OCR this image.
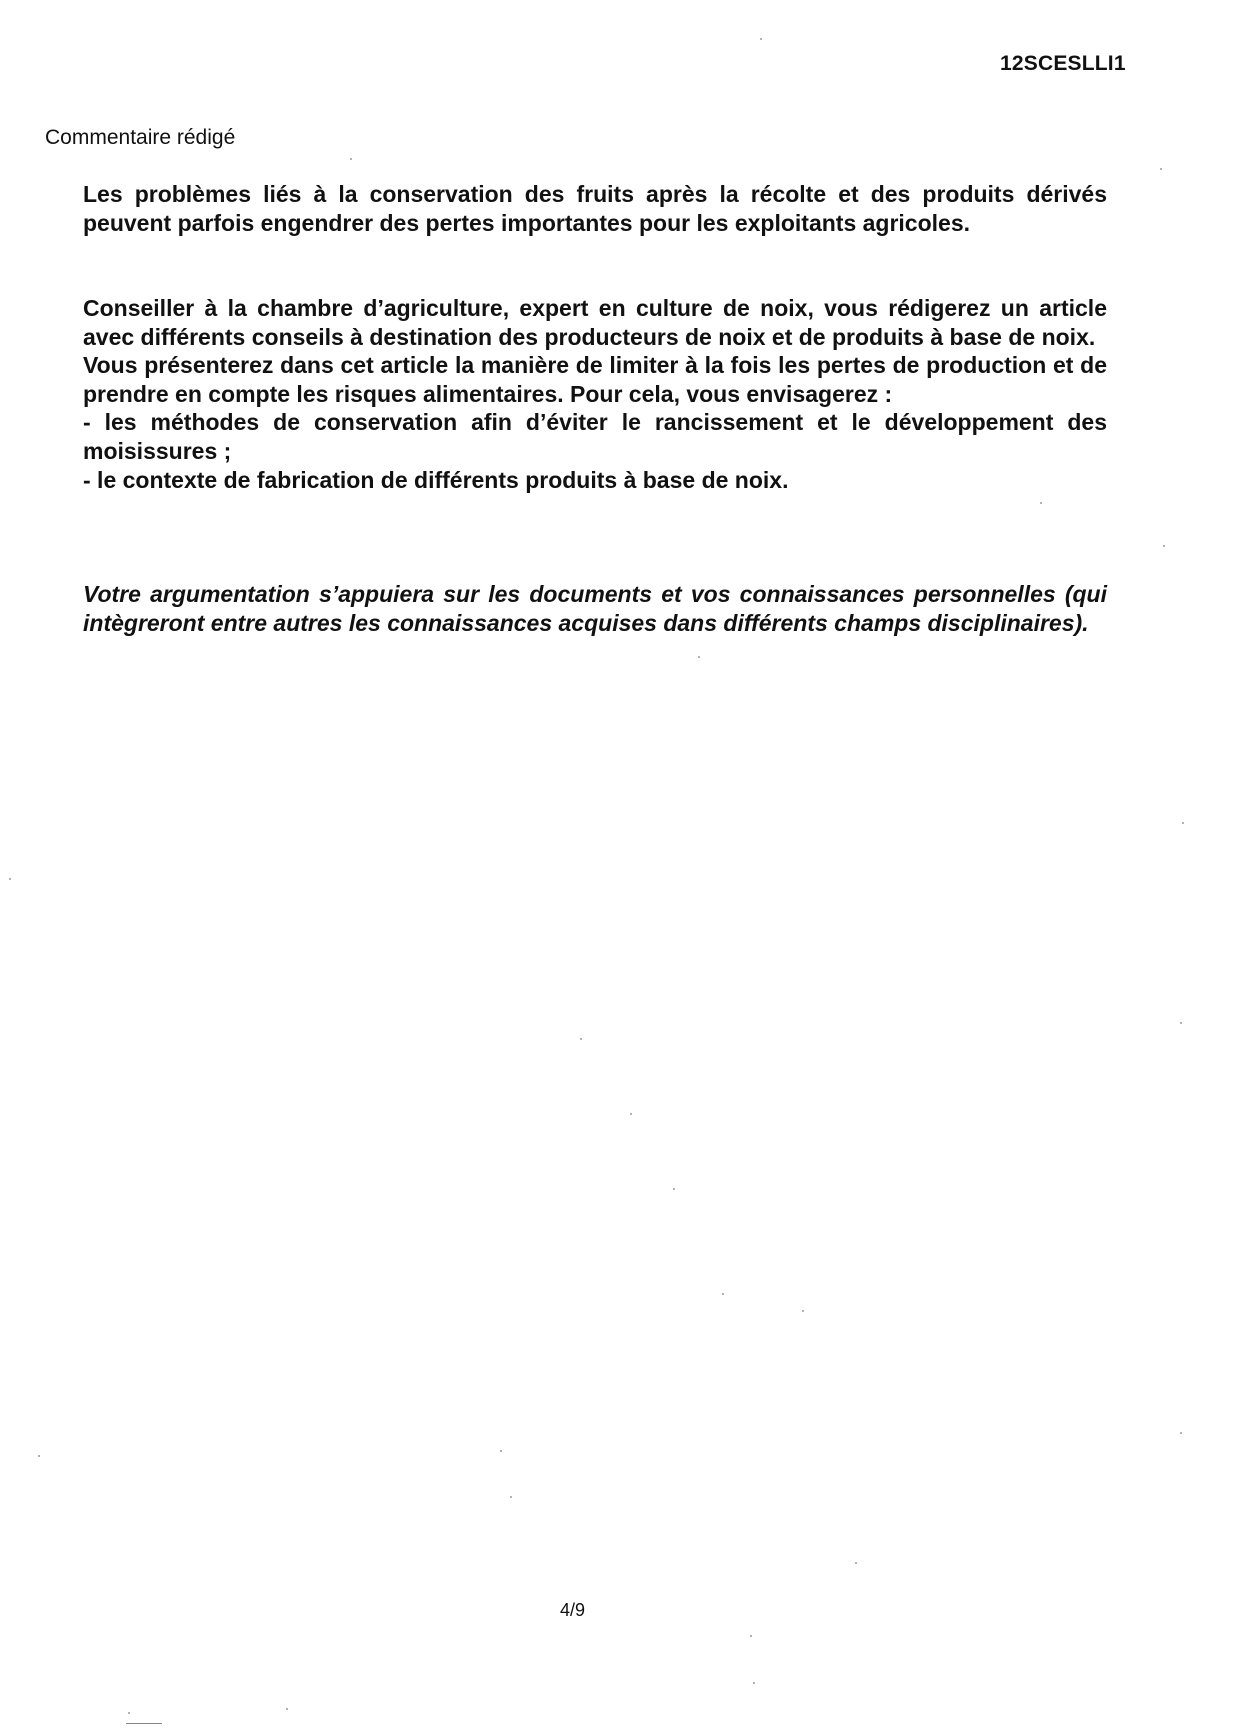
12SCESLLI1
Commentaire rédigé

Les problèmes liés à la conservation des fruits après la récolte et des produits dérivés peuvent parfois engendrer des pertes importantes pour les exploitants agricoles.

Conseiller à la chambre d’agriculture, expert en culture de noix, vous rédigerez un article avec différents conseils à destination des producteurs de noix et de produits à base de noix.

Vous présenterez dans cet article la manière de limiter à la fois les pertes de production et de prendre en compte les risques alimentaires. Pour cela, vous envisagerez :

- les méthodes de conservation afin d’éviter le rancissement et le développement des moisissures ;
- le contexte de fabrication de différents produits à base de noix.

Votre argumentation s’appuiera sur les documents et vos connaissances personnelles (qui intègreront entre autres les connaissances acquises dans différents champs disciplinaires).

4/9
